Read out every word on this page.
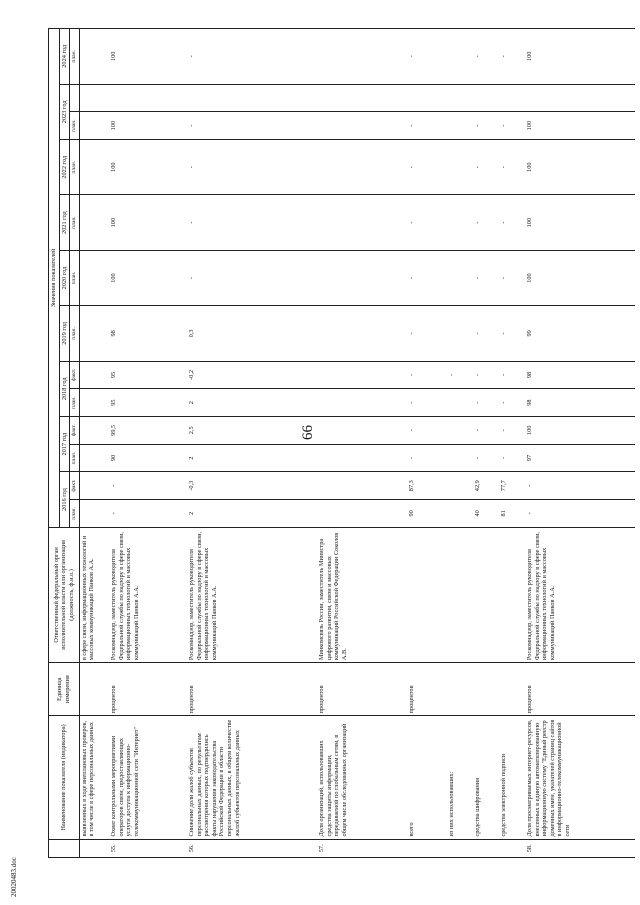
66
20020483.doc
	Наименование показателя (индикатора)	Единица измерения	Ответственный федеральный орган исполнительной власти или организация (должность, ф.и.о.)	Значения показателей												
				2016 год		2017 год		2018 год		2019 год	2020 год	2021 год	2022 год	2023 год		2024 год
				план.	факт.	план.	факт.	план.	факт.	план.	план.	план.	план.	план.		план.
	выявленных в ходе внеплановых проверок, в том числе в сфере персональных данных		в сфере связи, информационных технологий и массовых коммуникаций Панков А.А.													
55.	Охват контрольными мероприятиями операторов связи, предоставляющих услуги доступа к информационно-телекоммуникационной сети "Интернет"	процентов	Роскомнадзор, заместитель руководителя Федеральной службы по надзору в сфере связи, информационных технологий и массовых коммуникаций Панков А.А.	-	-	90	99,5	95	95	98	100	100	100	100		100
56.	Снижение доли жалоб субъектов персональных данных, по результатам рассмотрения которых подтвердились факты нарушения законодательства Российской Федерации в области персональных данных, в общем количестве жалоб субъектов персональных данных	процентов	Роскомнадзор, заместитель руководителя Федеральной службы по надзору в сфере связи, информационных технологий и массовых коммуникаций Панков А.А.	2	-0,3	2	2,5	2	-0,2	0,3	-	-	-	-		-
57.	Доля организаций, использовавших средства защиты информации, передаваемой по глобальным сетям, в общем числе обследованных организаций	процентов	Минкомсвязь России, заместитель Министра цифрового развития, связи и массовых коммуникаций Российской Федерации Соколов А.В.													
	всего	процентов		90	87,3	-	-	-	-	-	-	-	-	-		-
	из них использовавших:								-							
	средства шифрования			40	42,9	-	-	-	-	-	-	-	-	-		-
	средства электронной подписи			81	77,7	-	-	-	-	-	-	-	-	-		-
58.	Доля просматриваемых интернет-ресурсов, внесенных в единую автоматизированную информационную систему "Единый реестр доменных имен, указателей страниц сайтов в информационно-телекоммуникационной сети	процентов	Роскомнадзор, заместитель руководителя Федеральной службы по надзору в сфере связи, информационных технологий и массовых коммуникаций Панков А.А.	-	-	97	100	98	98	99	100	100	100	100		100
